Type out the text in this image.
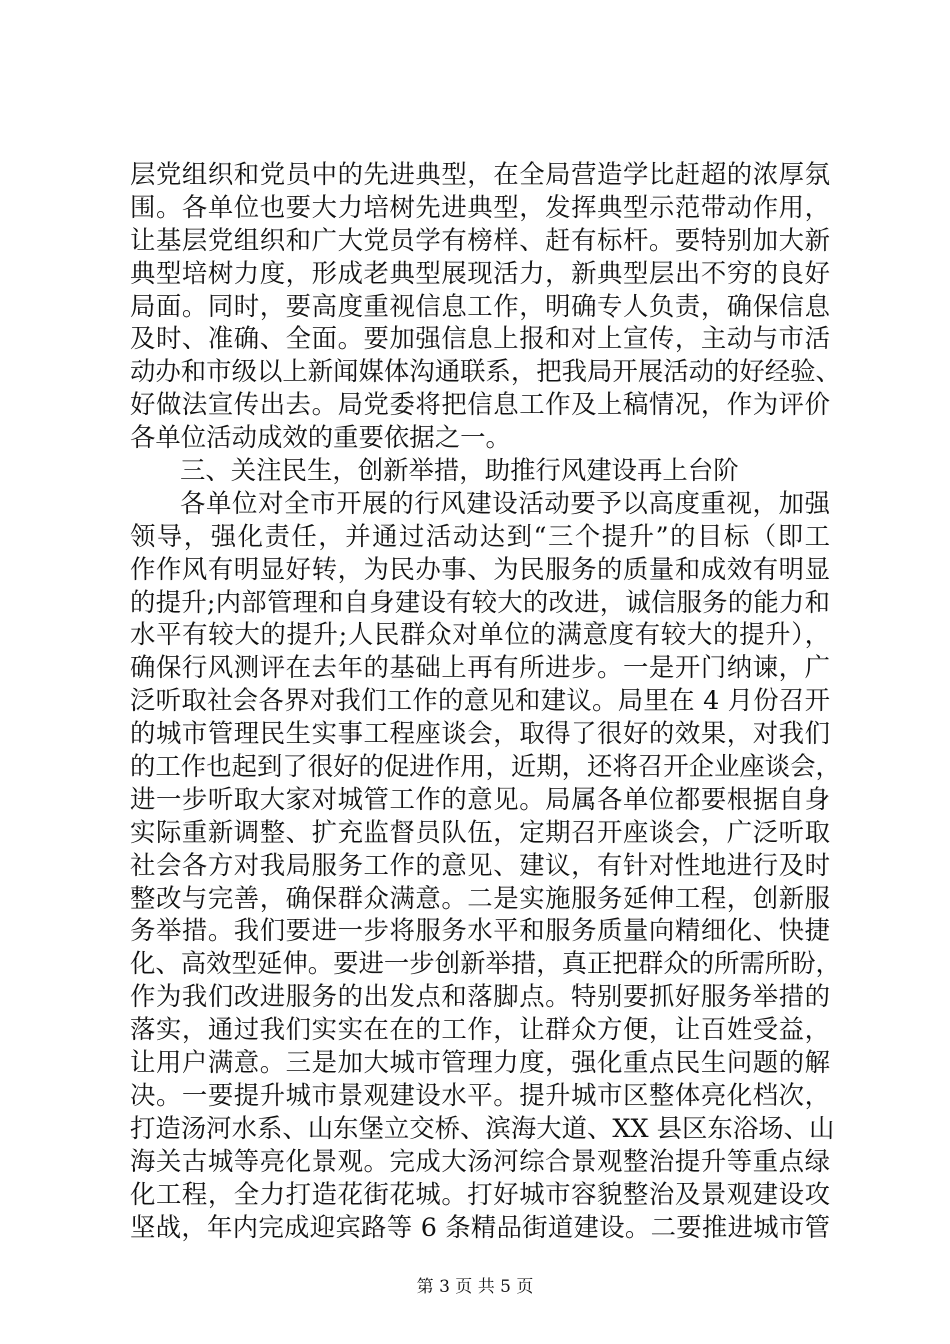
层党组织和党员中的先进典型，在全局营造学比赶超的浓厚氛
围。各单位也要大力培树先进典型，发挥典型示范带动作用，
让基层党组织和广大党员学有榜样、赶有标杆。要特别加大新
典型培树力度，形成老典型展现活力，新典型层出不穷的良好
局面。同时，要高度重视信息工作，明确专人负责，确保信息
及时、准确、全面。要加强信息上报和对上宣传，主动与市活
动办和市级以上新闻媒体沟通联系，把我局开展活动的好经验、
好做法宣传出去。局党委将把信息工作及上稿情况，作为评价
各单位活动成效的重要依据之一。
三、关注民生，创新举措，助推行风建设再上台阶
各单位对全市开展的行风建设活动要予以高度重视，加强
领导，强化责任，并通过活动达到“三个提升”的目标（即工
作作风有明显好转，为民办事、为民服务的质量和成效有明显
的提升;内部管理和自身建设有较大的改进，诚信服务的能力和
水平有较大的提升;人民群众对单位的满意度有较大的提升），
确保行风测评在去年的基础上再有所进步。一是开门纳谏，广
泛听取社会各界对我们工作的意见和建议。局里在 4 月份召开
的城市管理民生实事工程座谈会，取得了很好的效果，对我们
的工作也起到了很好的促进作用，近期，还将召开企业座谈会，
进一步听取大家对城管工作的意见。局属各单位都要根据自身
实际重新调整、扩充监督员队伍，定期召开座谈会，广泛听取
社会各方对我局服务工作的意见、建议，有针对性地进行及时
整改与完善，确保群众满意。二是实施服务延伸工程，创新服
务举措。我们要进一步将服务水平和服务质量向精细化、快捷
化、高效型延伸。要进一步创新举措，真正把群众的所需所盼，
作为我们改进服务的出发点和落脚点。特别要抓好服务举措的
落实，通过我们实实在在的工作，让群众方便，让百姓受益，
让用户满意。三是加大城市管理力度，强化重点民生问题的解
决。一要提升城市景观建设水平。提升城市区整体亮化档次，
打造汤河水系、山东堡立交桥、滨海大道、XX 县区东浴场、山
海关古城等亮化景观。完成大汤河综合景观整治提升等重点绿
化工程，全力打造花街花城。打好城市容貌整治及景观建设攻
坚战，年内完成迎宾路等 6 条精品街道建设。二要推进城市管
第 3 页 共 5 页
